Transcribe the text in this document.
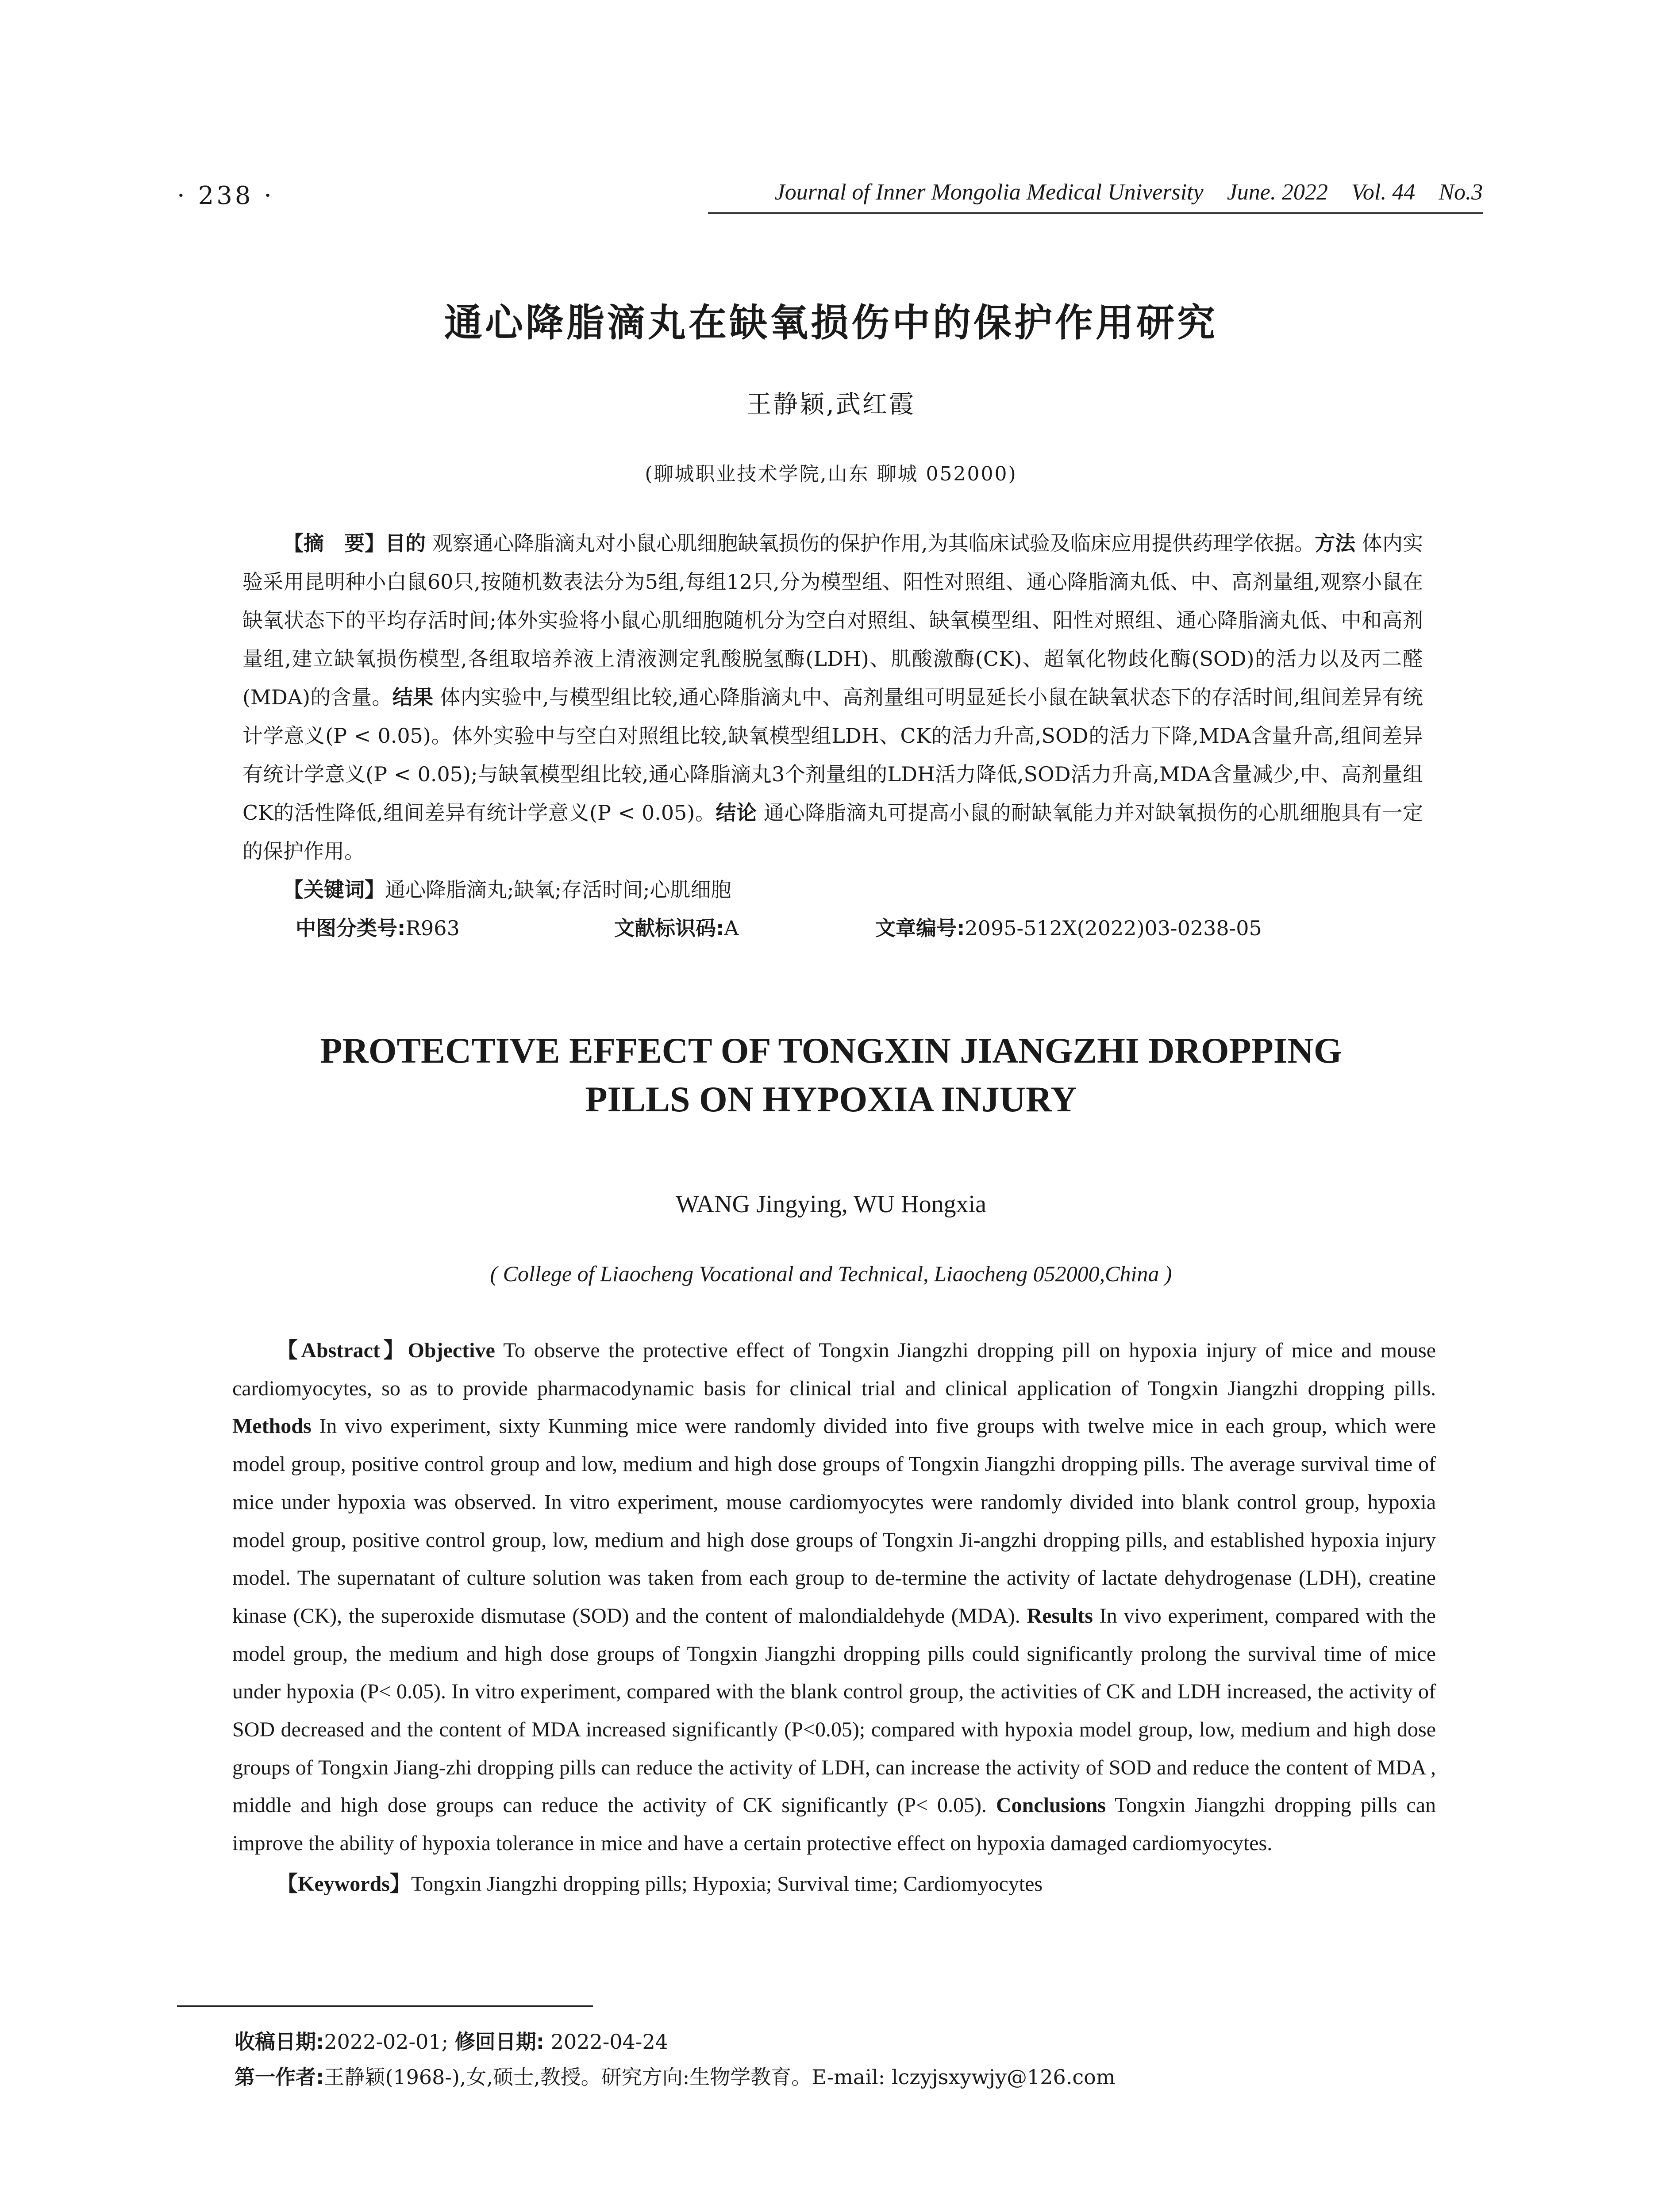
· 238 ·	Journal of Inner Mongolia Medical University June. 2022 Vol. 44 No.3
通心降脂滴丸在缺氧损伤中的保护作用研究
王静颖,武红霞
(聊城职业技术学院,山东 聊城 052000)
【摘　要】目的 观察通心降脂滴丸对小鼠心肌细胞缺氧损伤的保护作用,为其临床试验及临床应用提供药理学依据。方法 体内实验采用昆明种小白鼠60只,按随机数表法分为5组,每组12只,分为模型组、阳性对照组、通心降脂滴丸低、中、高剂量组,观察小鼠在缺氧状态下的平均存活时间;体外实验将小鼠心肌细胞随机分为空白对照组、缺氧模型组、阳性对照组、通心降脂滴丸低、中和高剂量组,建立缺氧损伤模型,各组取培养液上清液测定乳酸脱氢酶(LDH)、肌酸激酶(CK)、超氧化物歧化酶(SOD)的活力以及丙二醛(MDA)的含量。结果 体内实验中,与模型组比较,通心降脂滴丸中、高剂量组可明显延长小鼠在缺氧状态下的存活时间,组间差异有统计学意义(P < 0.05)。体外实验中与空白对照组比较,缺氧模型组LDH、CK的活力升高,SOD的活力下降,MDA含量升高,组间差异有统计学意义(P < 0.05);与缺氧模型组比较,通心降脂滴丸3个剂量组的LDH活力降低,SOD活力升高,MDA含量减少,中、高剂量组CK的活性降低,组间差异有统计学意义(P < 0.05)。结论 通心降脂滴丸可提高小鼠的耐缺氧能力并对缺氧损伤的心肌细胞具有一定的保护作用。
【关键词】通心降脂滴丸;缺氧;存活时间;心肌细胞
中图分类号:R963	文献标识码:A	文章编号:2095-512X(2022)03-0238-05
PROTECTIVE EFFECT OF TONGXIN JIANGZHI DROPPING
PILLS ON HYPOXIA INJURY
WANG Jingying, WU Hongxia
( College of Liaocheng Vocational and Technical, Liaocheng 052000,China )
【Abstract】Objective To observe the protective effect of Tongxin Jiangzhi dropping pill on hypoxia injury of mice and mouse cardiomyocytes, so as to provide pharmacodynamic basis for clinical trial and clinical application of Tongxin Jiangzhi dropping pills. Methods In vivo experiment, sixty Kunming mice were randomly divided into five groups with twelve mice in each group, which were model group, positive control group and low, medium and high dose groups of Tongxin Jiangzhi dropping pills. The average survival time of mice under hypoxia was observed. In vitro experiment, mouse cardiomyocytes were randomly divided into blank control group, hypoxia model group, positive control group, low, medium and high dose groups of Tongxin Ji-angzhi dropping pills, and established hypoxia injury model. The supernatant of culture solution was taken from each group to de-termine the activity of lactate dehydrogenase (LDH), creatine kinase (CK), the superoxide dismutase (SOD) and the content of malondialdehyde (MDA). Results In vivo experiment, compared with the model group, the medium and high dose groups of Tongxin Jiangzhi dropping pills could significantly prolong the survival time of mice under hypoxia (P< 0.05). In vitro experiment, compared with the blank control group, the activities of CK and LDH increased, the activity of SOD decreased and the content of MDA increased significantly (P<0.05); compared with hypoxia model group, low, medium and high dose groups of Tongxin Jiang-zhi dropping pills can reduce the activity of LDH, can increase the activity of SOD and reduce the content of MDA , middle and high dose groups can reduce the activity of CK significantly (P< 0.05). Conclusions Tongxin Jiangzhi dropping pills can improve the ability of hypoxia tolerance in mice and have a certain protective effect on hypoxia damaged cardiomyocytes.
【Keywords】Tongxin Jiangzhi dropping pills; Hypoxia; Survival time; Cardiomyocytes
收稿日期:2022-02-01; 修回日期: 2022-04-24
第一作者:王静颖(1968-),女,硕士,教授。研究方向:生物学教育。E-mail: lczyjsxywjy@126.com
